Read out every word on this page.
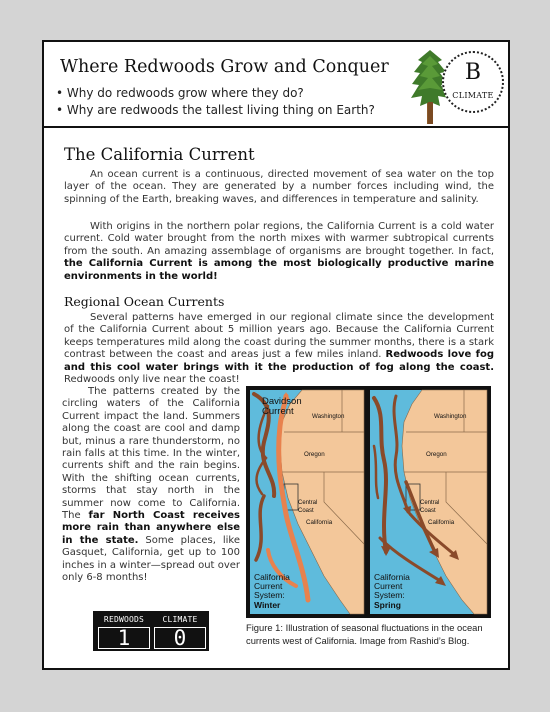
Where Redwoods Grow and Conquer
• Why do redwoods grow where they do?
• Why are redwoods the tallest living thing on Earth?
B
CLIMATE
The California Current

An ocean current is a continuous, directed movement of sea water on the top layer of the ocean. They are generated by a number forces including wind, the spinning of the Earth, breaking waves, and differences in temperature and salinity.

With origins in the northern polar regions, the California Current is a cold water current. Cold water brought from the north mixes with warmer subtropical currents from the south. An amazing assemblage of organisms are brought together. In fact, the California Current is among the most biologically productive marine environments in the world!

Regional Ocean Currents

Several patterns have emerged in our regional climate since the development of the California Current about 5 million years ago. Because the California Current keeps temperatures mild along the coast during the summer months, there is a stark contrast between the coast and areas just a few miles inland. Redwoods love fog and this cool water brings with it the production of fog along the coast. Redwoods only live near the coast!

The patterns created by the circling waters of the California Current impact the land. Summers along the coast are cool and damp but, minus a rare thunderstorm, no rain falls at this time. In the winter, currents shift and the rain begins. With the shifting ocean currents, storms that stay north in the summer now come to California. The far North Coast receives more rain than anywhere else in the state. Some places, like Gasquet, California, get up to 100 inches in a winter—spread out over only 6-8 months!

Davidson
Current	Washington
Oregon
California
Central
Coast
California
Current
System:
Winter
Washington
Oregon
California
Central
Coast
California
Current
System:
Spring
Figure 1: Illustration of seasonal fluctuations in the ocean currents west of California. Image from Rashid’s Blog.
REDWOODS	CLIMATE
1	0
